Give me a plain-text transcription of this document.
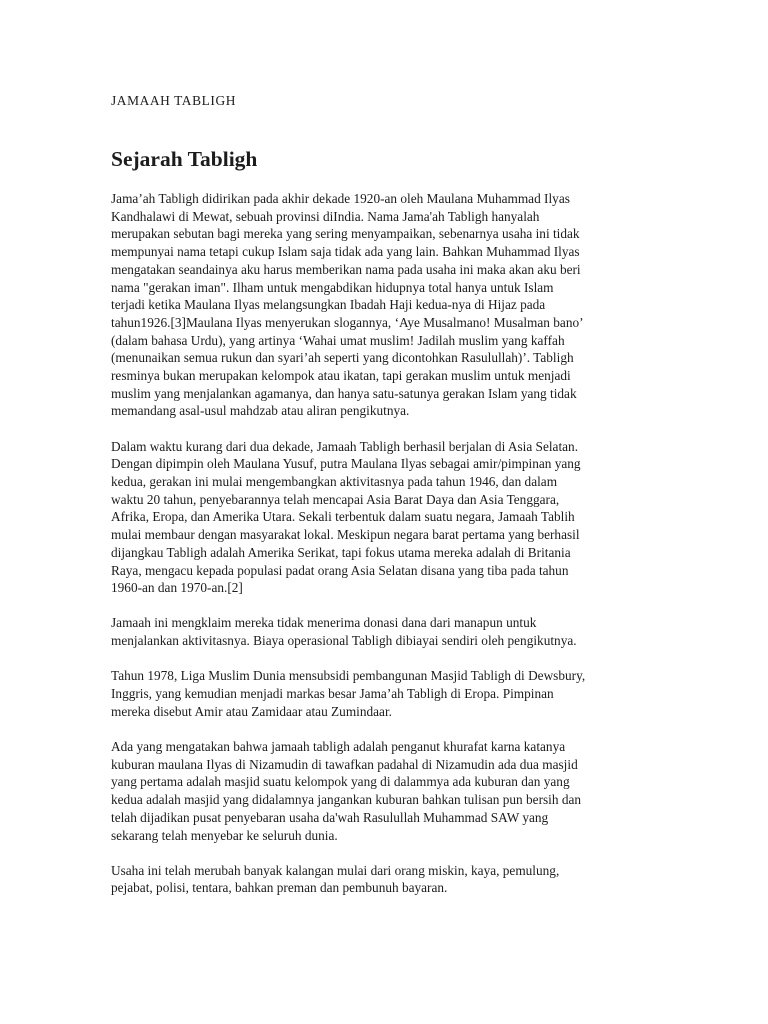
JAMAAH TABLIGH

Sejarah Tabligh

Jama’ah Tabligh didirikan pada akhir dekade 1920-an oleh Maulana Muhammad Ilyas
Kandhalawi di Mewat, sebuah provinsi diIndia. Nama Jama'ah Tabligh hanyalah
merupakan sebutan bagi mereka yang sering menyampaikan, sebenarnya usaha ini tidak
mempunyai nama tetapi cukup Islam saja tidak ada yang lain. Bahkan Muhammad Ilyas
mengatakan seandainya aku harus memberikan nama pada usaha ini maka akan aku beri
nama "gerakan iman". Ilham untuk mengabdikan hidupnya total hanya untuk Islam
terjadi ketika Maulana Ilyas melangsungkan Ibadah Haji kedua-nya di Hijaz pada
tahun1926.[3]Maulana Ilyas menyerukan slogannya, ‘Aye Musalmano! Musalman bano’
(dalam bahasa Urdu), yang artinya ‘Wahai umat muslim! Jadilah muslim yang kaffah
(menunaikan semua rukun dan syari’ah seperti yang dicontohkan Rasulullah)’. Tabligh
resminya bukan merupakan kelompok atau ikatan, tapi gerakan muslim untuk menjadi
muslim yang menjalankan agamanya, dan hanya satu-satunya gerakan Islam yang tidak
memandang asal-usul mahdzab atau aliran pengikutnya.

Dalam waktu kurang dari dua dekade, Jamaah Tabligh berhasil berjalan di Asia Selatan.
Dengan dipimpin oleh Maulana Yusuf, putra Maulana Ilyas sebagai amir/pimpinan yang
kedua, gerakan ini mulai mengembangkan aktivitasnya pada tahun 1946, dan dalam
waktu 20 tahun, penyebarannya telah mencapai Asia Barat Daya dan Asia Tenggara,
Afrika, Eropa, dan Amerika Utara. Sekali terbentuk dalam suatu negara, Jamaah Tablih
mulai membaur dengan masyarakat lokal. Meskipun negara barat pertama yang berhasil
dijangkau Tabligh adalah Amerika Serikat, tapi fokus utama mereka adalah di Britania
Raya, mengacu kepada populasi padat orang Asia Selatan disana yang tiba pada tahun
1960-an dan 1970-an.[2]

Jamaah ini mengklaim mereka tidak menerima donasi dana dari manapun untuk
menjalankan aktivitasnya. Biaya operasional Tabligh dibiayai sendiri oleh pengikutnya.

Tahun 1978, Liga Muslim Dunia mensubsidi pembangunan Masjid Tabligh di Dewsbury,
Inggris, yang kemudian menjadi markas besar Jama’ah Tabligh di Eropa. Pimpinan
mereka disebut Amir atau Zamidaar atau Zumindaar.

Ada yang mengatakan bahwa jamaah tabligh adalah penganut khurafat karna katanya
kuburan maulana Ilyas di Nizamudin di tawafkan padahal di Nizamudin ada dua masjid
yang pertama adalah masjid suatu kelompok yang di dalammya ada kuburan dan yang
kedua adalah masjid yang didalamnya jangankan kuburan bahkan tulisan pun bersih dan
telah dijadikan pusat penyebaran usaha da'wah Rasulullah Muhammad SAW yang
sekarang telah menyebar ke seluruh dunia.

Usaha ini telah merubah banyak kalangan mulai dari orang miskin, kaya, pemulung,
pejabat, polisi, tentara, bahkan preman dan pembunuh bayaran.
